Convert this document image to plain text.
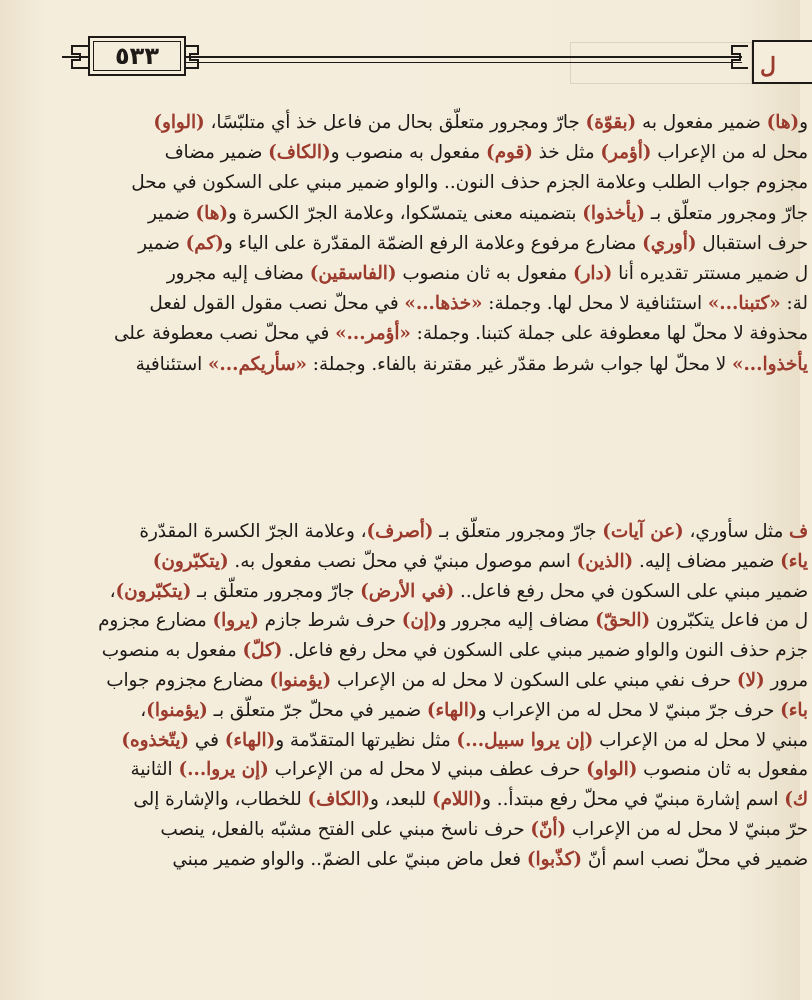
٥٣٣	ل
و(ها) ضمير مفعول به (بقوّة) جارّ ومجرور متعلّق بحال من فاعل خذ أي متلبّسًا، (الواو)
محل له من الإعراب (أؤمر) مثل خذ (قوم) مفعول به منصوب و(الكاف) ضمير مضاف
مجزوم جواب الطلب وعلامة الجزم حذف النون.. والواو ضمير مبني على السكون في محل
جارّ ومجرور متعلّق بـ (يأخذوا) بتضمينه معنى يتمسّكوا، وعلامة الجرّ الكسرة و(ها) ضمير
حرف استقبال (أوري) مضارع مرفوع وعلامة الرفع الضمّة المقدّرة على الياء و(كم) ضمير
ل ضمير مستتر تقديره أنا (دار) مفعول به ثان منصوب (الفاسقين) مضاف إليه مجرور
لة: «كتبنا...» استئنافية لا محل لها. وجملة: «خذها...» في محلّ نصب مقول القول لفعل
محذوفة لا محلّ لها معطوفة على جملة كتبنا. وجملة: «أؤمر...» في محلّ نصب معطوفة على
يأخذوا...» لا محلّ لها جواب شرط مقدّر غير مقترنة بالفاء. وجملة: «سأريكم...» استئنافية
ف مثل سأوري، (عن آيات) جارّ ومجرور متعلّق بـ (أصرف)، وعلامة الجرّ الكسرة المقدّرة
ياء) ضمير مضاف إليه. (الذين) اسم موصول مبنيّ في محلّ نصب مفعول به. (يتكبّرون)
ضمير مبني على السكون في محل رفع فاعل.. (في الأرض) جارّ ومجرور متعلّق بـ (يتكبّرون)،
ل من فاعل يتكبّرون (الحقّ) مضاف إليه مجرور و(إن) حرف شرط جازم (يروا) مضارع مجزوم
جزم حذف النون والواو ضمير مبني على السكون في محل رفع فاعل. (كلّ) مفعول به منصوب
مرور (لا) حرف نفي مبني على السكون لا محل له من الإعراب (يؤمنوا) مضارع مجزوم جواب
باء) حرف جرّ مبنيّ لا محل له من الإعراب و(الهاء) ضمير في محلّ جرّ متعلّق بـ (يؤمنوا)،
مبني لا محل له من الإعراب (إن يروا سبيل...) مثل نظيرتها المتقدّمة و(الهاء) في (يتّخذوه)
مفعول به ثان منصوب (الواو) حرف عطف مبني لا محل له من الإعراب (إن يروا...) الثانية
ك) اسم إشارة مبنيّ في محلّ رفع مبتدأ.. و(اللام) للبعد، و(الكاف) للخطاب، والإشارة إلى
حرّ مبنيّ لا محل له من الإعراب (أنّ) حرف ناسخ مبني على الفتح مشبّه بالفعل، ينصب
ضمير في محلّ نصب اسم أنّ (كذّبوا) فعل ماض مبنيّ على الضمّ.. والواو ضمير مبني
